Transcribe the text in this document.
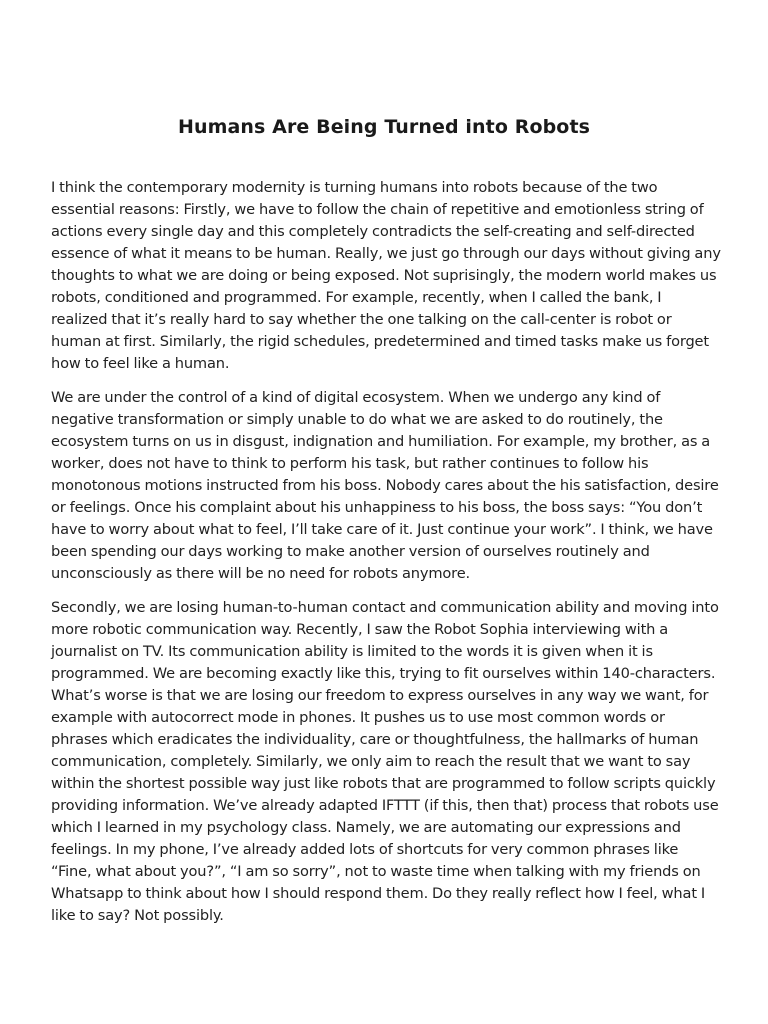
Humans Are Being Turned into Robots

I think the contemporary modernity is turning humans into robots because of the two essential reasons: Firstly, we have to follow the chain of repetitive and emotionless string of actions every single day and this completely contradicts the self-creating and self-directed essence of what it means to be human. Really, we just go through our days without giving any thoughts to what we are doing or being exposed. Not suprisingly, the modern world makes us robots, conditioned and programmed. For example, recently, when I called the bank, I realized that it’s really hard to say whether the one talking on the call-center is robot or human at first. Similarly, the rigid schedules, predetermined and timed tasks make us forget how to feel like a human.

We are under the control of a kind of digital ecosystem. When we undergo any kind of negative transformation or simply unable to do what we are asked to do routinely, the ecosystem turns on us in disgust, indignation and humiliation. For example, my brother, as a worker, does not have to think to perform his task, but rather continues to follow his monotonous motions instructed from his boss. Nobody cares about the his satisfaction, desire or feelings. Once his complaint about his unhappiness to his boss, the boss says: “You don’t have to worry about what to feel, I’ll take care of it. Just continue your work”. I think, we have been spending our days working to make another version of ourselves routinely and unconsciously as there will be no need for robots anymore.

Secondly, we are losing human-to-human contact and communication ability and moving into more robotic communication way. Recently, I saw the Robot Sophia interviewing with a journalist on TV. Its communication ability is limited to the words it is given when it is programmed. We are becoming exactly like this, trying to fit ourselves within 140-characters. What’s worse is that we are losing our freedom to express ourselves in any way we want, for example with autocorrect mode in phones. It pushes us to use most common words or phrases which eradicates the individuality, care or thoughtfulness, the hallmarks of human communication, completely. Similarly, we only aim to reach the result that we want to say within the shortest possible way just like robots that are programmed to follow scripts quickly providing information. We’ve already adapted IFTTT (if this, then that) process that robots use which I learned in my psychology class. Namely, we are automating our expressions and feelings. In my phone, I’ve already added lots of shortcuts for very common phrases like “Fine, what about you?”, “I am so sorry”, not to waste time when talking with my friends on Whatsapp to think about how I should respond them. Do they really reflect how I feel, what I like to say? Not possibly.
